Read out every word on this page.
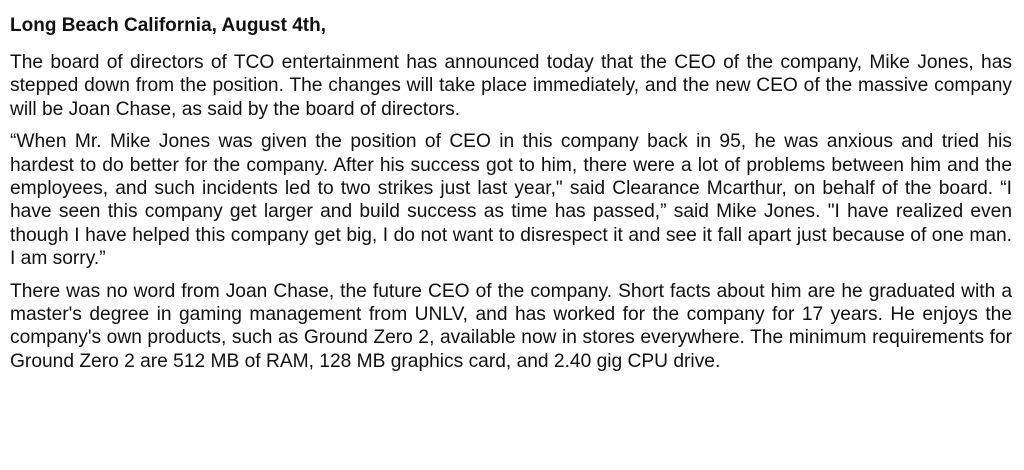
Long Beach California, August 4th,

The board of directors of TCO entertainment has announced today that the CEO of the company, Mike Jones, has stepped down from the position. The changes will take place immediately, and the new CEO of the massive company will be Joan Chase, as said by the board of directors.

“When Mr. Mike Jones was given the position of CEO in this company back in 95, he was anxious and tried his hardest to do better for the company. After his success got to him, there were a lot of problems between him and the employees, and such incidents led to two strikes just last year," said Clearance Mcarthur, on behalf of the board. “I have seen this company get larger and build success as time has passed,” said Mike Jones. "I have realized even though I have helped this company get big, I do not want to disrespect it and see it fall apart just because of one man. I am sorry.”

There was no word from Joan Chase, the future CEO of the company. Short facts about him are he graduated with a master's degree in gaming management from UNLV, and has worked for the company for 17 years. He enjoys the company's own products, such as Ground Zero 2, available now in stores everywhere. The minimum requirements for Ground Zero 2 are 512 MB of RAM, 128 MB graphics card, and 2.40 gig CPU drive.
